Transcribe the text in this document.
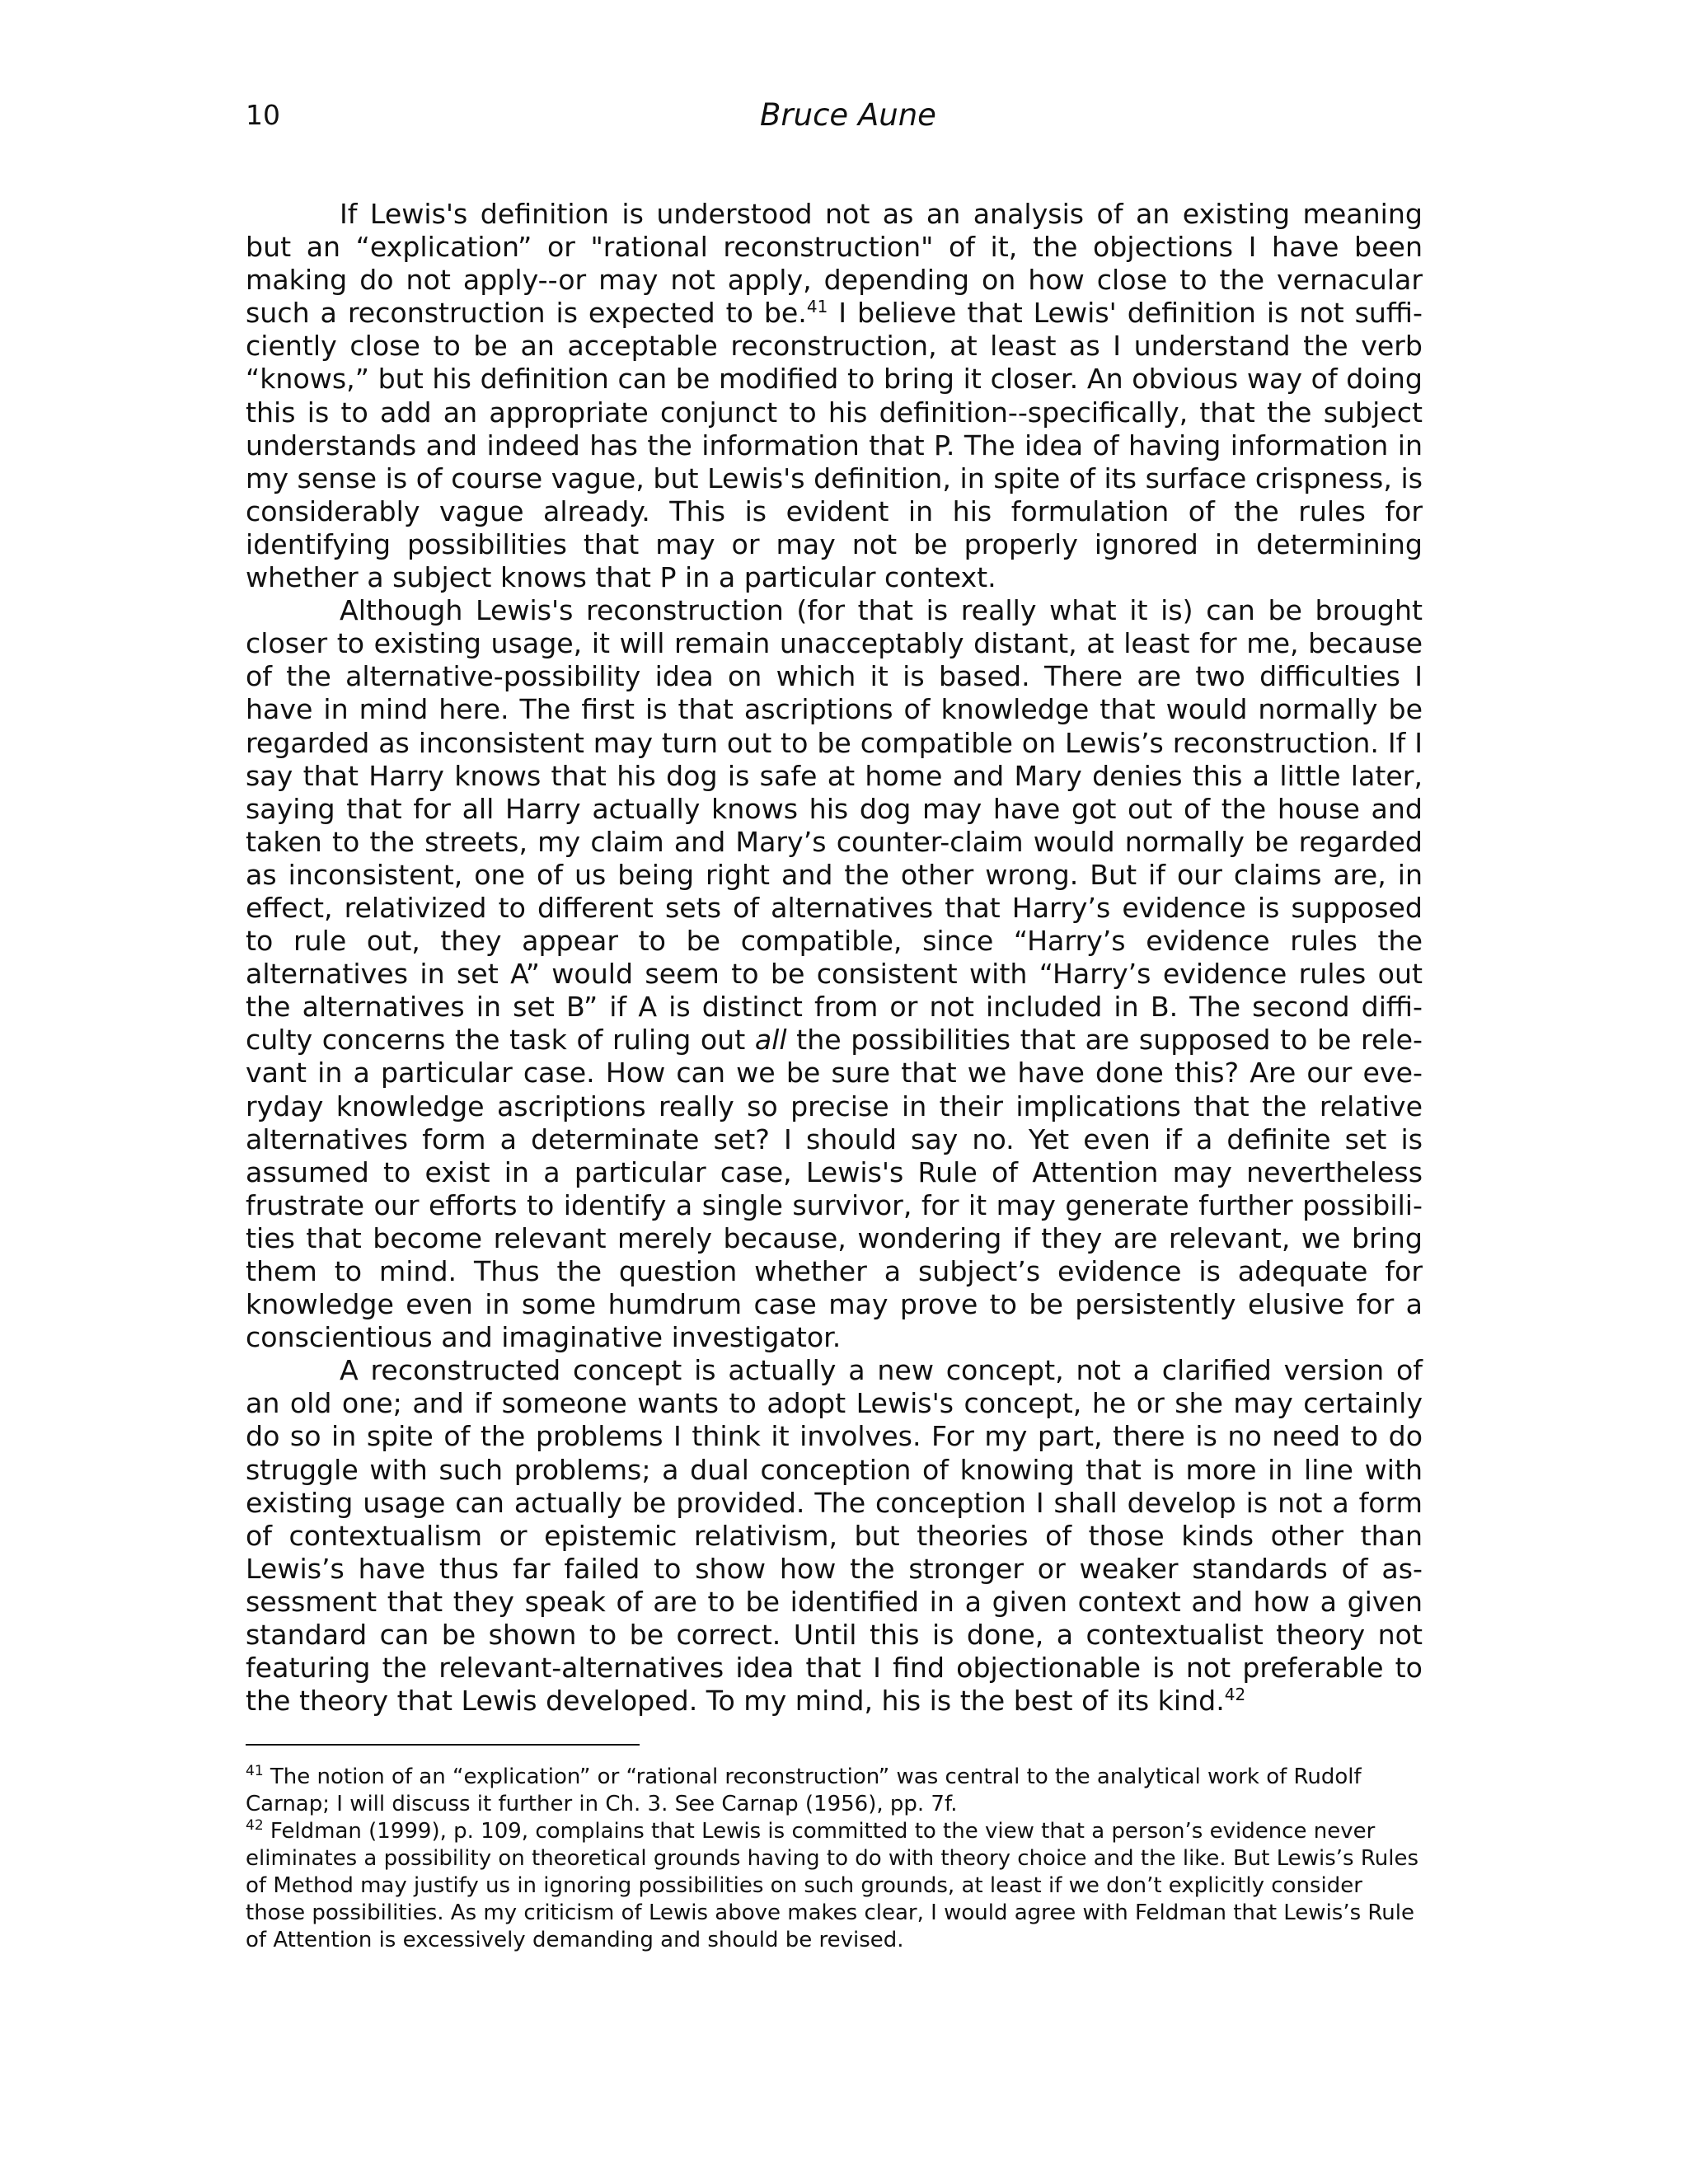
10	Bruce Aune

If Lewis's definition is understood not as an analysis of an existing meaning but an “explication” or "rational reconstruction" of it, the objections I have been making do not apply--or may not apply, depending on how close to the vernacular such a reconstruction is expected to be.$^{41}$ I believe that Lewis' definition is not sufficiently close to be an acceptable reconstruction, at least as I understand the verb “knows,” but his definition can be modified to bring it closer. An obvious way of doing this is to add an appropriate conjunct to his definition--specifically, that the subject understands and indeed has the information that P. The idea of having information in my sense is of course vague, but Lewis's definition, in spite of its surface crispness, is considerably vague already. This is evident in his formulation of the rules for identifying possibilities that may or may not be properly ignored in determining whether a subject knows that P in a particular context.

Although Lewis's reconstruction (for that is really what it is) can be brought closer to existing usage, it will remain unacceptably distant, at least for me, because of the alternative-possibility idea on which it is based. There are two difficulties I have in mind here. The first is that ascriptions of knowledge that would normally be regarded as inconsistent may turn out to be compatible on Lewis’s reconstruction. If I say that Harry knows that his dog is safe at home and Mary denies this a little later, saying that for all Harry actually knows his dog may have got out of the house and taken to the streets, my claim and Mary’s counter-claim would normally be regarded as inconsistent, one of us being right and the other wrong. But if our claims are, in effect, relativized to different sets of alternatives that Harry’s evidence is supposed to rule out, they appear to be compatible, since “Harry’s evidence rules the alternatives in set A” would seem to be consistent with “Harry’s evidence rules out the alternatives in set B” if A is distinct from or not included in B. The second difficulty concerns the task of ruling out all the possibilities that are supposed to be relevant in a particular case. How can we be sure that we have done this? Are our everyday knowledge ascriptions really so precise in their implications that the relative alternatives form a determinate set? I should say no. Yet even if a definite set is assumed to exist in a particular case, Lewis's Rule of Attention may nevertheless frustrate our efforts to identify a single survivor, for it may generate further possibilities that become relevant merely because, wondering if they are relevant, we bring them to mind. Thus the question whether a subject’s evidence is adequate for knowledge even in some humdrum case may prove to be persistently elusive for a conscientious and imaginative investigator.

A reconstructed concept is actually a new concept, not a clarified version of an old one; and if someone wants to adopt Lewis's concept, he or she may certainly do so in spite of the problems I think it involves. For my part, there is no need to do struggle with such problems; a dual conception of knowing that is more in line with existing usage can actually be provided. The conception I shall develop is not a form of contextualism or epistemic relativism, but theories of those kinds other than Lewis’s have thus far failed to show how the stronger or weaker standards of assessment that they speak of are to be identified in a given context and how a given standard can be shown to be correct. Until this is done, a contextualist theory not featuring the relevant-alternatives idea that I find objectionable is not preferable to the theory that Lewis developed. To my mind, his is the best of its kind.$^{42}$

$^{41}$ The notion of an “explication” or “rational reconstruction” was central to the analytical work of Rudolf Carnap; I will discuss it further in Ch. 3. See Carnap (1956), pp. 7f.

$^{42}$ Feldman (1999), p. 109, complains that Lewis is committed to the view that a person’s evidence never eliminates a possibility on theoretical grounds having to do with theory choice and the like. But Lewis’s Rules of Method may justify us in ignoring possibilities on such grounds, at least if we don’t explicitly consider those possibilities. As my criticism of Lewis above makes clear, I would agree with Feldman that Lewis’s Rule of Attention is excessively demanding and should be revised.
